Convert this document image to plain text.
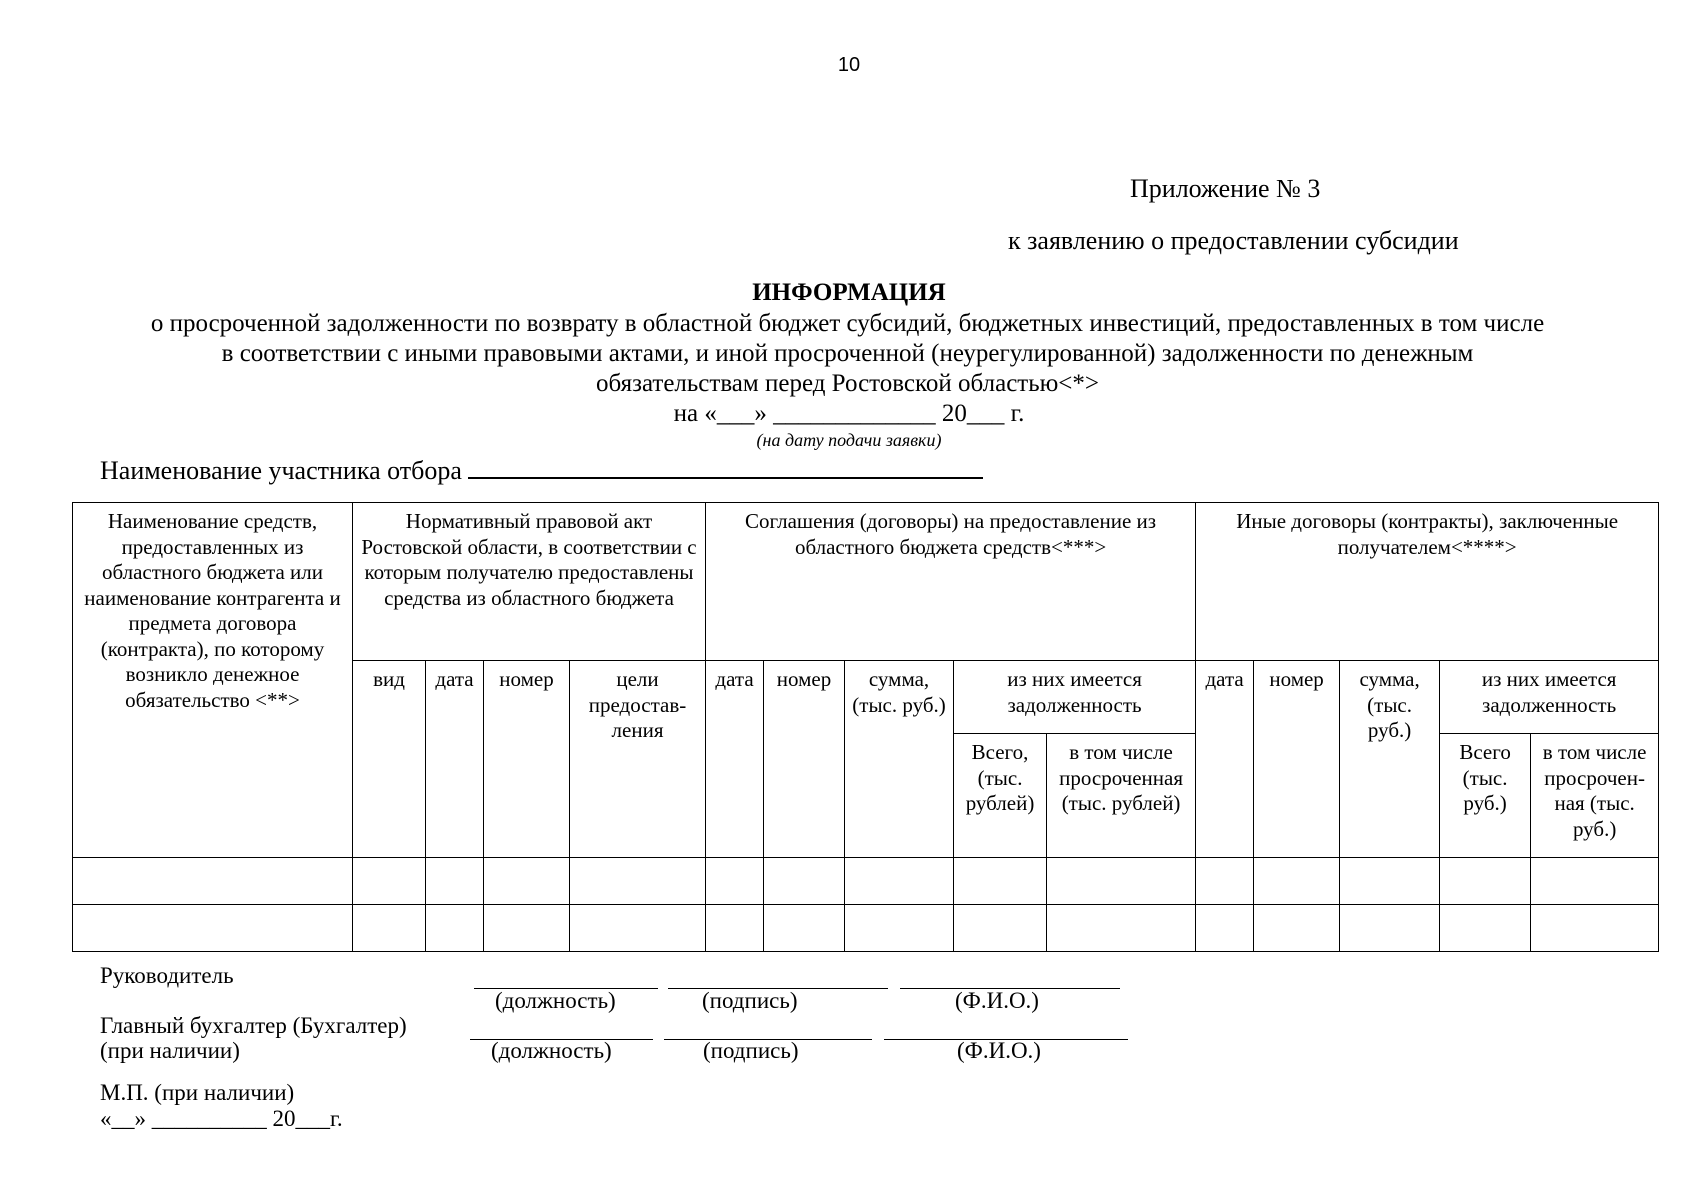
10
Приложение № 3
к заявлению о предоставлении субсидии
ИНФОРМАЦИЯ
о просроченной задолженности по возврату в областной бюджет субсидий, бюджетных инвестиций, предоставленных в том числе
в соответствии с иными правовыми актами, и иной просроченной (неурегулированной) задолженности по денежным
обязательствам перед Ростовской областью<*>
на «___» _____________ 20___ г.
(на дату подачи заявки)
Наименование участника отбора
Наименование средств, предоставленных из областного бюджета или наименование контрагента и предмета договора (контракта), по которому возникло денежное обязательство <**>	Нормативный правовой акт Ростовской области, в соответствии с которым получателю предоставлены средства из областного бюджета				Соглашения (договоры) на предоставление из областного бюджета средств<***>					Иные договоры (контракты), заключенные получателем<****>				
	вид	дата	номер	цели предостав-ления	дата	номер	сумма, (тыс. руб.)	из них имеется задолженность		дата	номер	сумма, (тыс. руб.)	из них имеется задолженность	
								Всего, (тыс. рублей)	в том числе просроченная (тыс. рублей)				Всего (тыс. руб.)	в том числе просрочен-ная (тыс. руб.)

Руководитель
(должность)	(подпись)	(Ф.И.О.)
Главный бухгалтер (Бухгалтер)
(при наличии)	(должность)	(подпись)	(Ф.И.О.)
М.П. (при наличии)
«__» __________ 20___г.
